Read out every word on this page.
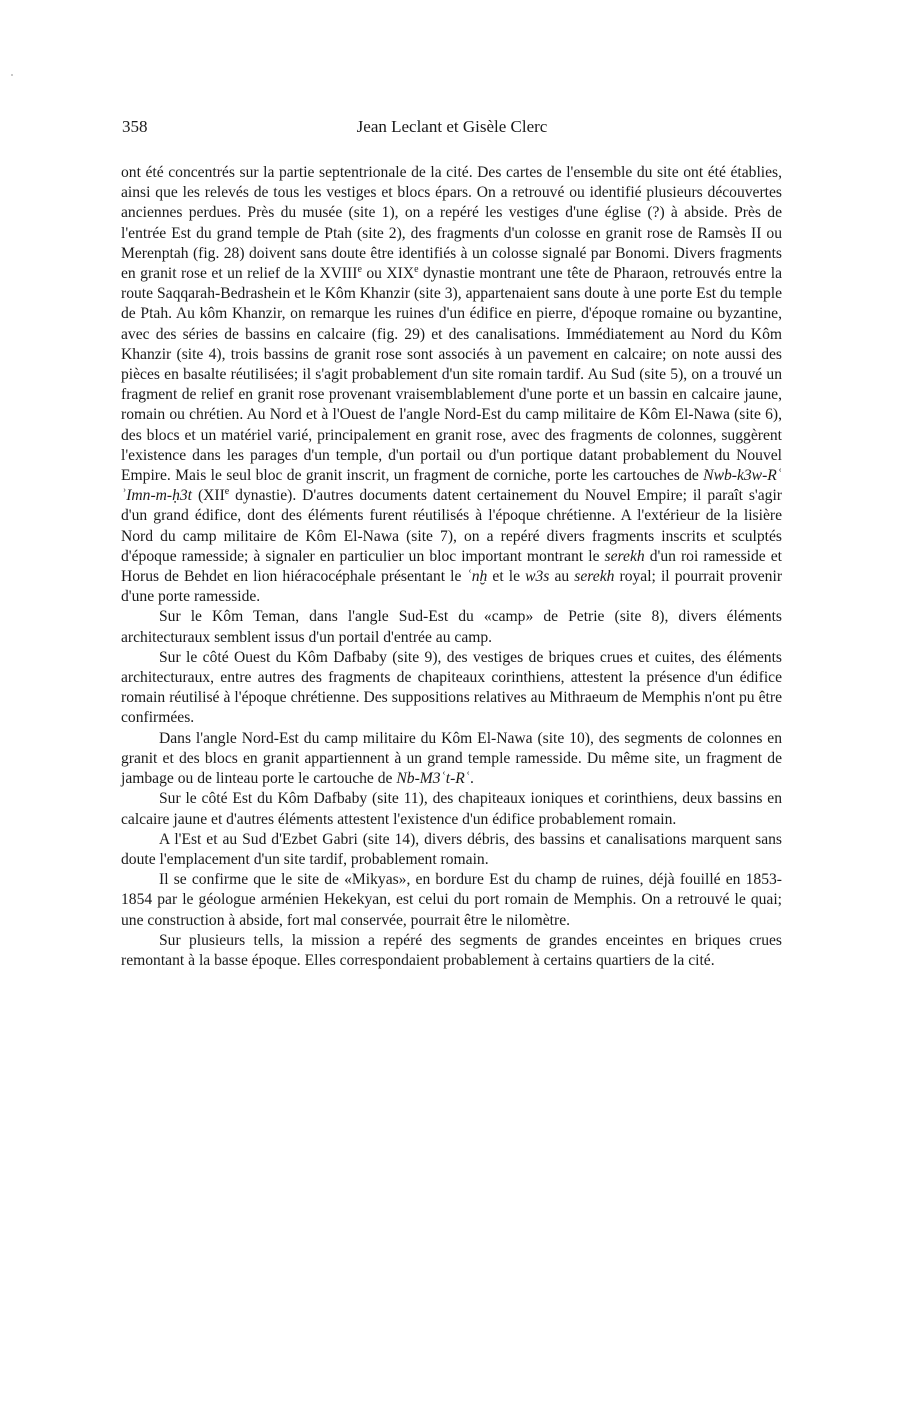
358	Jean Leclant et Gisèle Clerc

ont été concentrés sur la partie septentrionale de la cité. Des cartes de l'ensemble du site ont été établies, ainsi que les relevés de tous les vestiges et blocs épars. On a retrouvé ou identifié plusieurs découvertes anciennes perdues. Près du musée (site 1), on a repéré les vestiges d'une église (?) à abside. Près de l'entrée Est du grand temple de Ptah (site 2), des fragments d'un colosse en granit rose de Ramsès II ou Merenptah (fig. 28) doivent sans doute être identifiés à un colosse signalé par Bonomi. Divers fragments en granit rose et un relief de la XVIIIe ou XIXe dynastie montrant une tête de Pharaon, retrouvés entre la route Saqqarah-Bedrashein et le Kôm Khanzir (site 3), appartenaient sans doute à une porte Est du temple de Ptah. Au kôm Khanzir, on remarque les ruines d'un édifice en pierre, d'époque romaine ou byzantine, avec des séries de bassins en calcaire (fig. 29) et des canalisations. Immédiatement au Nord du Kôm Khanzir (site 4), trois bassins de granit rose sont associés à un pavement en calcaire; on note aussi des pièces en basalte réutilisées; il s'agit probablement d'un site romain tardif. Au Sud (site 5), on a trouvé un fragment de relief en granit rose provenant vraisemblablement d'une porte et un bassin en calcaire jaune, romain ou chrétien. Au Nord et à l'Ouest de l'angle Nord-Est du camp militaire de Kôm El-Nawa (site 6), des blocs et un matériel varié, principalement en granit rose, avec des fragments de colonnes, suggèrent l'existence dans les parages d'un temple, d'un portail ou d'un portique datant probablement du Nouvel Empire. Mais le seul bloc de granit inscrit, un fragment de corniche, porte les cartouches de Nwb-k3w-Rʿ ʾImn-m-ḥ3t (XIIe dynastie). D'autres documents datent certainement du Nouvel Empire; il paraît s'agir d'un grand édifice, dont des éléments furent réutilisés à l'époque chrétienne. A l'extérieur de la lisière Nord du camp militaire de Kôm El-Nawa (site 7), on a repéré divers fragments inscrits et sculptés d'époque ramesside; à signaler en particulier un bloc important montrant le serekh d'un roi ramesside et Horus de Behdet en lion hiéracocéphale présentant le ʿnḫ et le w3s au serekh royal; il pourrait provenir d'une porte ramesside.

Sur le Kôm Teman, dans l'angle Sud-Est du «camp» de Petrie (site 8), divers éléments architecturaux semblent issus d'un portail d'entrée au camp.

Sur le côté Ouest du Kôm Dafbaby (site 9), des vestiges de briques crues et cuites, des éléments architecturaux, entre autres des fragments de chapiteaux corinthiens, attestent la présence d'un édifice romain réutilisé à l'époque chrétienne. Des suppositions relatives au Mithraeum de Memphis n'ont pu être confirmées.

Dans l'angle Nord-Est du camp militaire du Kôm El-Nawa (site 10), des segments de colonnes en granit et des blocs en granit appartiennent à un grand temple ramesside. Du même site, un fragment de jambage ou de linteau porte le cartouche de Nb-M3ʿt-Rʿ.

Sur le côté Est du Kôm Dafbaby (site 11), des chapiteaux ioniques et corinthiens, deux bassins en calcaire jaune et d'autres éléments attestent l'existence d'un édifice probablement romain.

A l'Est et au Sud d'Ezbet Gabri (site 14), divers débris, des bassins et canalisations marquent sans doute l'emplacement d'un site tardif, probablement romain.

Il se confirme que le site de «Mikyas», en bordure Est du champ de ruines, déjà fouillé en 1853-1854 par le géologue arménien Hekekyan, est celui du port romain de Memphis. On a retrouvé le quai; une construction à abside, fort mal conservée, pourrait être le nilomètre.

Sur plusieurs tells, la mission a repéré des segments de grandes enceintes en briques crues remontant à la basse époque. Elles correspondaient probablement à certains quartiers de la cité.
